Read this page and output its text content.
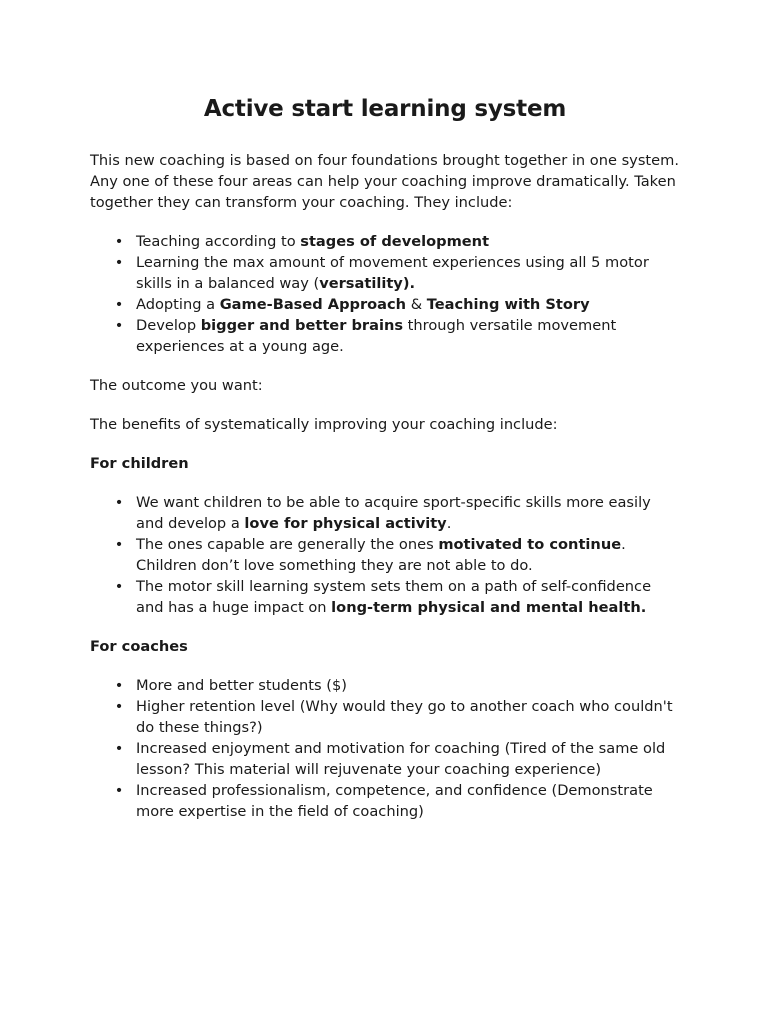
Active start learning system

This new coaching is based on four foundations brought together in one system. Any one of these four areas can help your coaching improve dramatically. Taken together they can transform your coaching. They include:

• Teaching according to stages of development
• Learning the max amount of movement experiences using all 5 motor skills in a balanced way (versatility).
• Adopting a Game-Based Approach & Teaching with Story
• Develop bigger and better brains through versatile movement experiences at a young age.

The outcome you want:

The benefits of systematically improving your coaching include:

For children

• We want children to be able to acquire sport-specific skills more easily and develop a love for physical activity.
• The ones capable are generally the ones motivated to continue. Children don’t love something they are not able to do.
• The motor skill learning system sets them on a path of self-confidence and has a huge impact on long-term physical and mental health.

For coaches

• More and better students ($)
• Higher retention level (Why would they go to another coach who couldn't do these things?)
• Increased enjoyment and motivation for coaching (Tired of the same old lesson? This material will rejuvenate your coaching experience)
• Increased professionalism, competence, and confidence (Demonstrate more expertise in the field of coaching)
